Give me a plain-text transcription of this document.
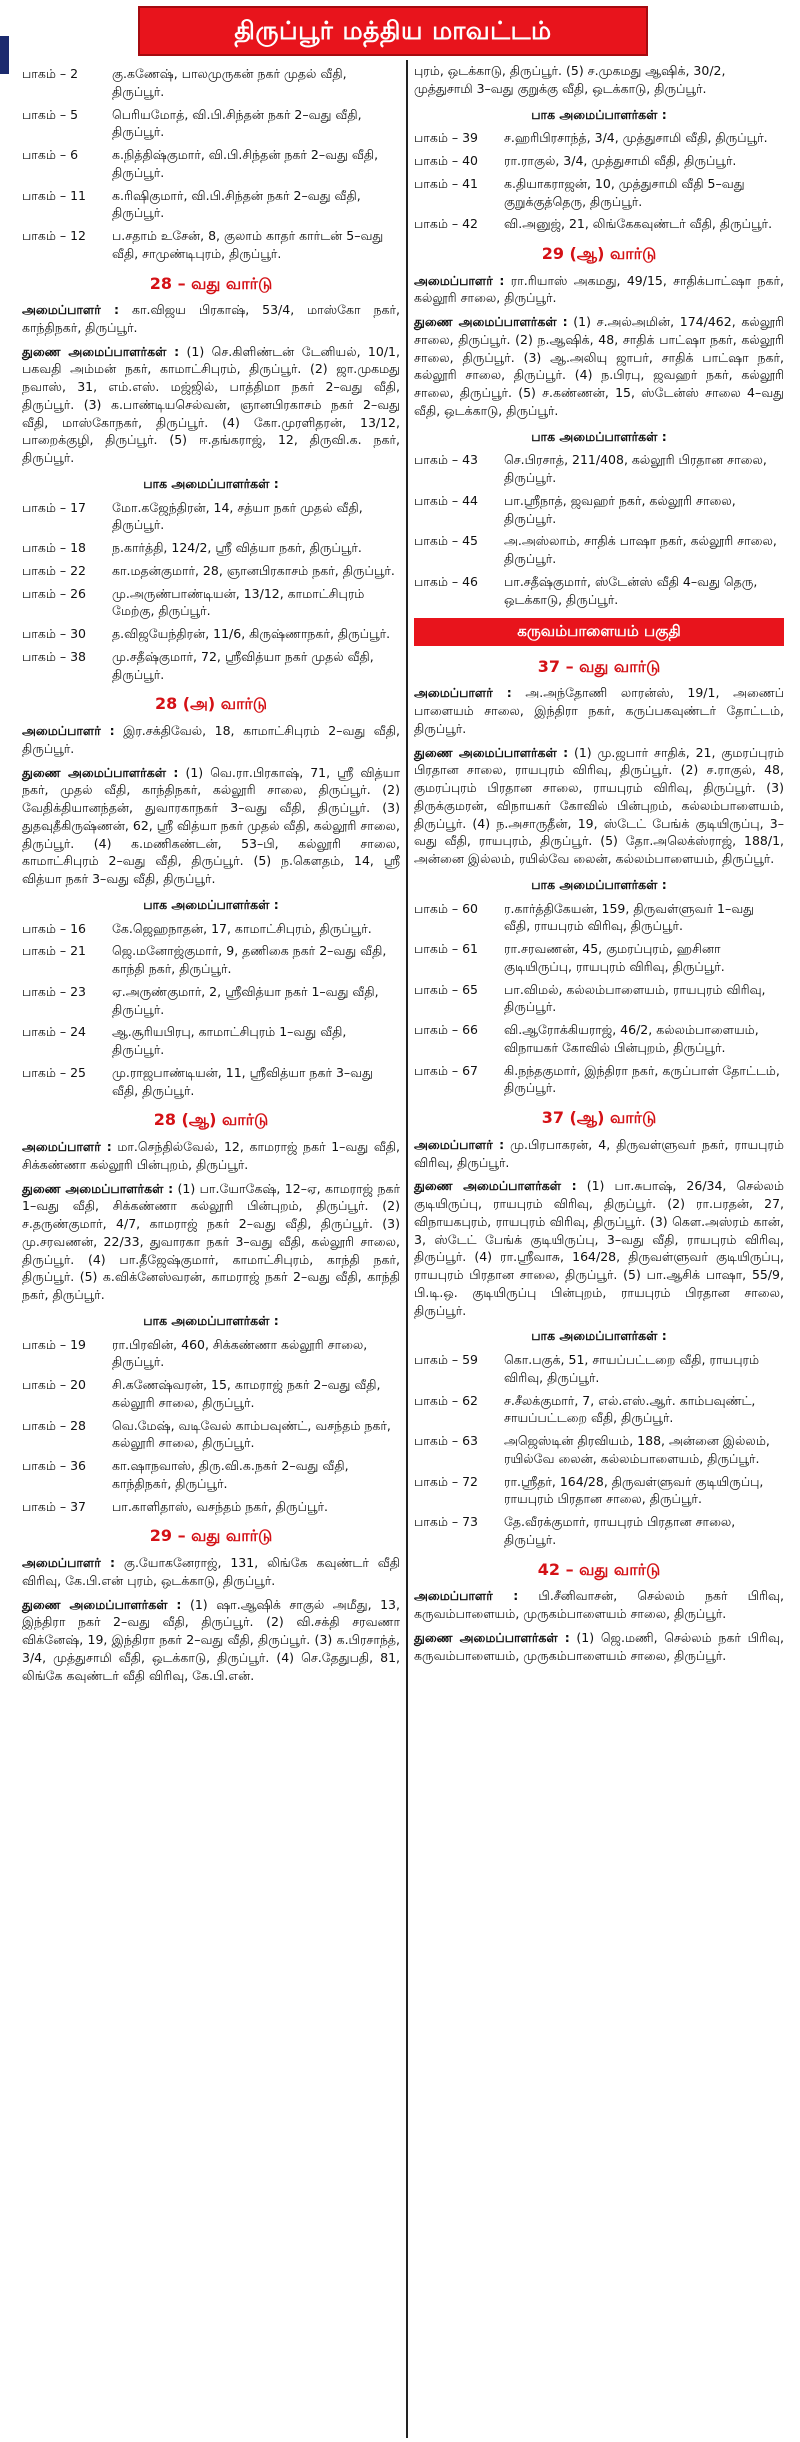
திருப்பூர் மத்திய மாவட்டம்
பாகம் – 2	கு.கணேஷ், பாலமுருகன் நகர் முதல் வீதி, திருப்பூர்.
பாகம் – 5	பெரியமோத், வி.பி.சிந்தன் நகர் 2–வது வீதி, திருப்பூர்.
பாகம் – 6	க.நித்திஷ்குமார், வி.பி.சிந்தன் நகர் 2–வது வீதி, திருப்பூர்.
பாகம் – 11	க.ரிஷிகுமார், வி.பி.சிந்தன் நகர் 2–வது வீதி, திருப்பூர்.
பாகம் – 12	ப.சதாம் உசேன், 8, குலாம் காதர் கார்டன் 5–வது வீதி, சாமுண்டிபுரம், திருப்பூர்.
28 – வது வார்டு
அமைப்பாளர் : கா.விஜய பிரகாஷ், 53/4, மாஸ்கோ நகர், காந்திநகர், திருப்பூர்.
துணை அமைப்பாளர்கள் : (1) செ.கிளிண்டன் டேனியல், 10/1, பகவதி அம்மன் நகர், காமாட்சிபுரம், திருப்பூர். (2) ஜா.முகமது நவாஸ், 31, எம்.எஸ். மஜ்ஜில், பாத்திமா நகர் 2–வது வீதி, திருப்பூர். (3) க.பாண்டியசெல்வன், ஞானபிரகாசம் நகர் 2–வது வீதி, மாஸ்கோநகர், திருப்பூர். (4) கோ.முரளிதரன், 13/12, பாறைக்குழி, திருப்பூர். (5) ஈ.தங்கராஜ், 12, திருவி.க. நகர், திருப்பூர்.
பாக அமைப்பாளர்கள் :
பாகம் – 17	மோ.கஜேந்திரன், 14, சத்யா நகர் முதல் வீதி, திருப்பூர்.
பாகம் – 18	ந.கார்த்தி, 124/2, ஸ்ரீ வித்யா நகர், திருப்பூர்.
பாகம் – 22	கா.மதன்குமார், 28, ஞானபிரகாசம் நகர், திருப்பூர்.
பாகம் – 26	மு.அருண்பாண்டியன், 13/12, காமாட்சிபுரம் மேற்கு, திருப்பூர்.
பாகம் – 30	த.விஜயேந்திரன், 11/6, கிருஷ்ணாநகர், திருப்பூர்.
பாகம் – 38	மு.சதீஷ்குமார், 72, ஸ்ரீவித்யா நகர் முதல் வீதி, திருப்பூர்.
28 (அ) வார்டு
அமைப்பாளர் : இர.சக்திவேல், 18, காமாட்சிபுரம் 2–வது வீதி, திருப்பூர்.
துணை அமைப்பாளர்கள் : (1) வெ.ரா.பிரகாஷ், 71, ஸ்ரீ வித்யா நகர், முதல் வீதி, காந்திநகர், கல்லூரி சாலை, திருப்பூர். (2) வேதிக்தியானந்தன், துவாரகாநகர் 3–வது வீதி, திருப்பூர். (3) துதவுதீகிருஷ்ணன், 62, ஸ்ரீ வித்யா நகர் முதல் வீதி, கல்லூரி சாலை, திருப்பூர். (4) க.மணிகண்டன், 53–பி, கல்லூரி சாலை, காமாட்சிபுரம் 2–வது வீதி, திருப்பூர். (5) ந.கெளதம், 14, ஸ்ரீ வித்யா நகர் 3–வது வீதி, திருப்பூர்.
பாக அமைப்பாளர்கள் :
பாகம் – 16	கே.ஜெஹநாதன், 17, காமாட்சிபுரம், திருப்பூர்.
பாகம் – 21	ஜெ.மனோஜ்குமார், 9, தணிகை நகர் 2–வது வீதி, காந்தி நகர், திருப்பூர்.
பாகம் – 23	ஏ.அருண்குமார், 2, ஸ்ரீவித்யா நகர் 1–வது வீதி, திருப்பூர்.
பாகம் – 24	ஆ.சூரியபிரபு, காமாட்சிபுரம் 1–வது வீதி, திருப்பூர்.
பாகம் – 25	மு.ராஜபாண்டியன், 11, ஸ்ரீவித்யா நகர் 3–வது வீதி, திருப்பூர்.
28 (ஆ) வார்டு
அமைப்பாளர் : மா.செந்தில்வேல், 12, காமராஜ் நகர் 1–வது வீதி, சிக்கண்ணா கல்லூரி பின்புறம், திருப்பூர்.
துணை அமைப்பாளர்கள் : (1) பா.யோகேஷ், 12–ஏ, காமராஜ் நகர் 1–வது வீதி, சிக்கண்ணா கல்லூரி பின்புறம், திருப்பூர். (2) ச.தருண்குமார், 4/7, காமராஜ் நகர் 2–வது வீதி, திருப்பூர். (3) மு.சரவணன், 22/33, துவாரகா நகர் 3–வது வீதி, கல்லூரி சாலை, திருப்பூர். (4) பா.தீஜேஷ்குமார், காமாட்சிபுரம், காந்தி நகர், திருப்பூர். (5) க.விக்னேஸ்வரன், காமராஜ் நகர் 2–வது வீதி, காந்தி நகர், திருப்பூர்.
பாக அமைப்பாளர்கள் :
பாகம் – 19	ரா.பிரவின், 460, சிக்கண்ணா கல்லூரி சாலை, திருப்பூர்.
பாகம் – 20	சி.கணேஷ்வரன், 15, காமராஜ் நகர் 2–வது வீதி, கல்லூரி சாலை, திருப்பூர்.
பாகம் – 28	வெ.மேஷ், வடிவேல் காம்பவுண்ட், வசந்தம் நகர், கல்லூரி சாலை, திருப்பூர்.
பாகம் – 36	கா.ஷாநவாஸ், திரு.வி.க.நகர் 2–வது வீதி, காந்திநகர், திருப்பூர்.
பாகம் – 37	பா.காளிதாஸ், வசந்தம் நகர், திருப்பூர்.
29 – வது வார்டு
அமைப்பாளர் : கு.யோகனேராஜ், 131, லிங்கே கவுண்டர் வீதி விரிவு, கே.பி.என் புரம், ஒடக்காடு, திருப்பூர்.
துணை அமைப்பாளர்கள் : (1) ஷா.ஆஷிக் சாகுல் அமீது, 13, இந்திரா நகர் 2–வது வீதி, திருப்பூர். (2) வி.சக்தி சரவணா விக்னேஷ், 19, இந்திரா நகர் 2–வது வீதி, திருப்பூர். (3) க.பிரசாந்த், 3/4, முத்துசாமி வீதி, ஒடக்காடு, திருப்பூர். (4) செ.தேதுபதி, 81, லிங்கே கவுண்டர் வீதி விரிவு, கே.பி.என்.
புரம், ஒடக்காடு, திருப்பூர். (5) ச.முகமது ஆஷிக், 30/2, முத்துசாமி 3–வது குறுக்கு வீதி, ஒடக்காடு, திருப்பூர்.
பாக அமைப்பாளர்கள் :
பாகம் – 39	ச.ஹரிபிரசாந்த், 3/4, முத்துசாமி வீதி, திருப்பூர்.
பாகம் – 40	ரா.ராகுல், 3/4, முத்துசாமி வீதி, திருப்பூர்.
பாகம் – 41	க.தியாகராஜன், 10, முத்துசாமி வீதி 5–வது குறுக்குத்தெரு, திருப்பூர்.
பாகம் – 42	வி.அனுஜ், 21, லிங்கேகவுண்டர் வீதி, திருப்பூர்.
29 (ஆ) வார்டு
அமைப்பாளர் : ரா.ரியாஸ் அகமது, 49/15, சாதிக்பாட்ஷா நகர், கல்லூரி சாலை, திருப்பூர்.
துணை அமைப்பாளர்கள் : (1) ச.அல்அமின், 174/462, கல்லூரி சாலை, திருப்பூர். (2) ந.ஆஷிக், 48, சாதிக் பாட்ஷா நகர், கல்லூரி சாலை, திருப்பூர். (3) ஆ.அலியு ஜாபர், சாதிக் பாட்ஷா நகர், கல்லூரி சாலை, திருப்பூர். (4) ந.பிரபு, ஜவஹர் நகர், கல்லூரி சாலை, திருப்பூர். (5) ச.கண்ணன், 15, ஸ்டேன்ஸ் சாலை 4–வது வீதி, ஒடக்காடு, திருப்பூர்.
பாக அமைப்பாளர்கள் :
பாகம் – 43	செ.பிரசாத், 211/408, கல்லூரி பிரதான சாலை, திருப்பூர்.
பாகம் – 44	பா.ஸ்ரீநாத், ஜவஹர் நகர், கல்லூரி சாலை, திருப்பூர்.
பாகம் – 45	அ.அஸ்லாம், சாதிக் பாஷா நகர், கல்லூரி சாலை, திருப்பூர்.
பாகம் – 46	பா.சதீஷ்குமார், ஸ்டேன்ஸ் வீதி 4–வது தெரு, ஒடக்காடு, திருப்பூர்.
கருவம்பாளையம் பகுதி
37 – வது வார்டு
அமைப்பாளர் : அ.அந்தோணி லாரன்ஸ், 19/1, அணைப் பாளையம் சாலை, இந்திரா நகர், கருப்பகவுண்டர் தோட்டம், திருப்பூர்.
துணை அமைப்பாளர்கள் : (1) மு.ஜபார் சாதிக், 21, குமரப்புரம் பிரதான சாலை, ராயபுரம் விரிவு, திருப்பூர். (2) ச.ராகுல், 48, குமரப்புரம் பிரதான சாலை, ராயபுரம் விரிவு, திருப்பூர். (3) திருக்குமரன், விநாயகர் கோவில் பின்புறம், கல்லம்பாளையம், திருப்பூர். (4) ந.அசாருதீன், 19, ஸ்டேட் பேங்க் குடியிருப்பு, 3–வது வீதி, ராயபுரம், திருப்பூர். (5) தோ.அலெக்ஸ்ராஜ், 188/1, அன்னை இல்லம், ரயில்வே லைன், கல்லம்பாளையம், திருப்பூர்.
பாக அமைப்பாளர்கள் :
பாகம் – 60	ர.கார்த்திகேயன், 159, திருவள்ளுவர் 1–வது வீதி, ராயபுரம் விரிவு, திருப்பூர்.
பாகம் – 61	ரா.சரவணன், 45, குமரப்புரம், ஹசினா குடியிருப்பு, ராயபுரம் விரிவு, திருப்பூர்.
பாகம் – 65	பா.விமல், கல்லம்பாளையம், ராயபுரம் விரிவு, திருப்பூர்.
பாகம் – 66	வி.ஆரோக்கியராஜ், 46/2, கல்லம்பாளையம், விநாயகர் கோவில் பின்புறம், திருப்பூர்.
பாகம் – 67	கி.நந்தகுமார், இந்திரா நகர், கருப்பாள் தோட்டம், திருப்பூர்.
37 (ஆ) வார்டு
அமைப்பாளர் : மு.பிரபாகரன், 4, திருவள்ளுவர் நகர், ராயபுரம் விரிவு, திருப்பூர்.
துணை அமைப்பாளர்கள் : (1) பா.சுபாஷ், 26/34, செல்லம் குடியிருப்பு, ராயபுரம் விரிவு, திருப்பூர். (2) ரா.பரதன், 27, விநாயகபுரம், ராயபுரம் விரிவு, திருப்பூர். (3) கெள.அஸ்ரம் கான், 3, ஸ்டேட் பேங்க் குடியிருப்பு, 3–வது வீதி, ராயபுரம் விரிவு, திருப்பூர். (4) ரா.ஸ்ரீவாசு, 164/28, திருவள்ளுவர் குடியிருப்பு, ராயபுரம் பிரதான சாலை, திருப்பூர். (5) பா.ஆசிக் பாஷா, 55/9, பி.டி.ஒ. குடியிருப்பு பின்புறம், ராயபுரம் பிரதான சாலை, திருப்பூர்.
பாக அமைப்பாளர்கள் :
பாகம் – 59	கொ.பகுக், 51, சாயப்பட்டறை வீதி, ராயபுரம் விரிவு, திருப்பூர்.
பாகம் – 62	ச.சீலக்குமார், 7, எல்.எஸ்.ஆர். காம்பவுண்ட், சாயப்பட்டறை வீதி, திருப்பூர்.
பாகம் – 63	அஜெஸ்டின் திரவியம், 188, அன்னை இல்லம், ரயில்வே லைன், கல்லம்பாளையம், திருப்பூர்.
பாகம் – 72	ரா.ஸ்ரீதர், 164/28, திருவள்ளுவர் குடியிருப்பு, ராயபுரம் பிரதான சாலை, திருப்பூர்.
பாகம் – 73	தே.வீரக்குமார், ராயபுரம் பிரதான சாலை, திருப்பூர்.
42 – வது வார்டு
அமைப்பாளர் : பி.சீனிவாசன், செல்லம் நகர் பிரிவு, கருவம்பாளையம், முருகம்பாளையம் சாலை, திருப்பூர்.
துணை அமைப்பாளர்கள் : (1) ஜெ.மணி, செல்லம் நகர் பிரிவு, கருவம்பாளையம், முருகம்பாளையம் சாலை, திருப்பூர்.
